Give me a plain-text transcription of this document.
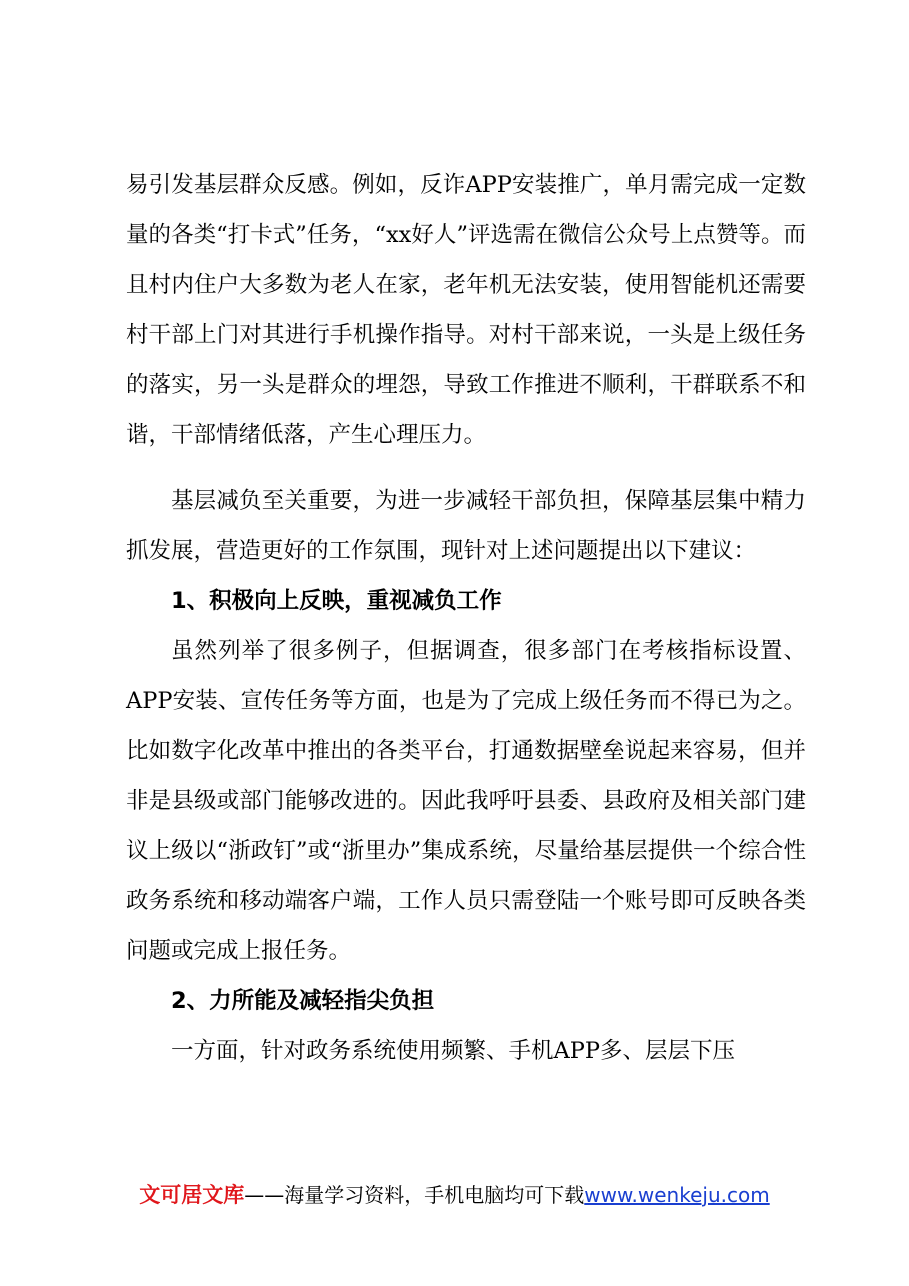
易引发基层群众反感。例如，反诈APP安装推广，单月需完成一定数量的各类“打卡式”任务，“xx好人”评选需在微信公众号上点赞等。而且村内住户大多数为老人在家，老年机无法安装，使用智能机还需要村干部上门对其进行手机操作指导。对村干部来说，一头是上级任务的落实，另一头是群众的埋怨，导致工作推进不顺利，干群联系不和谐，干部情绪低落，产生心理压力。

基层减负至关重要，为进一步减轻干部负担，保障基层集中精力抓发展，营造更好的工作氛围，现针对上述问题提出以下建议：

1、积极向上反映，重视减负工作

虽然列举了很多例子，但据调查，很多部门在考核指标设置、APP安装、宣传任务等方面，也是为了完成上级任务而不得已为之。比如数字化改革中推出的各类平台，打通数据壁垒说起来容易，但并非是县级或部门能够改进的。因此我呼吁县委、县政府及相关部门建议上级以“浙政钉”或“浙里办”集成系统，尽量给基层提供一个综合性政务系统和移动端客户端，工作人员只需登陆一个账号即可反映各类问题或完成上报任务。

2、力所能及减轻指尖负担

一方面，针对政务系统使用频繁、手机APP多、层层下压

文可居文库——海量学习资料，手机电脑均可下载www.wenkeju.com
